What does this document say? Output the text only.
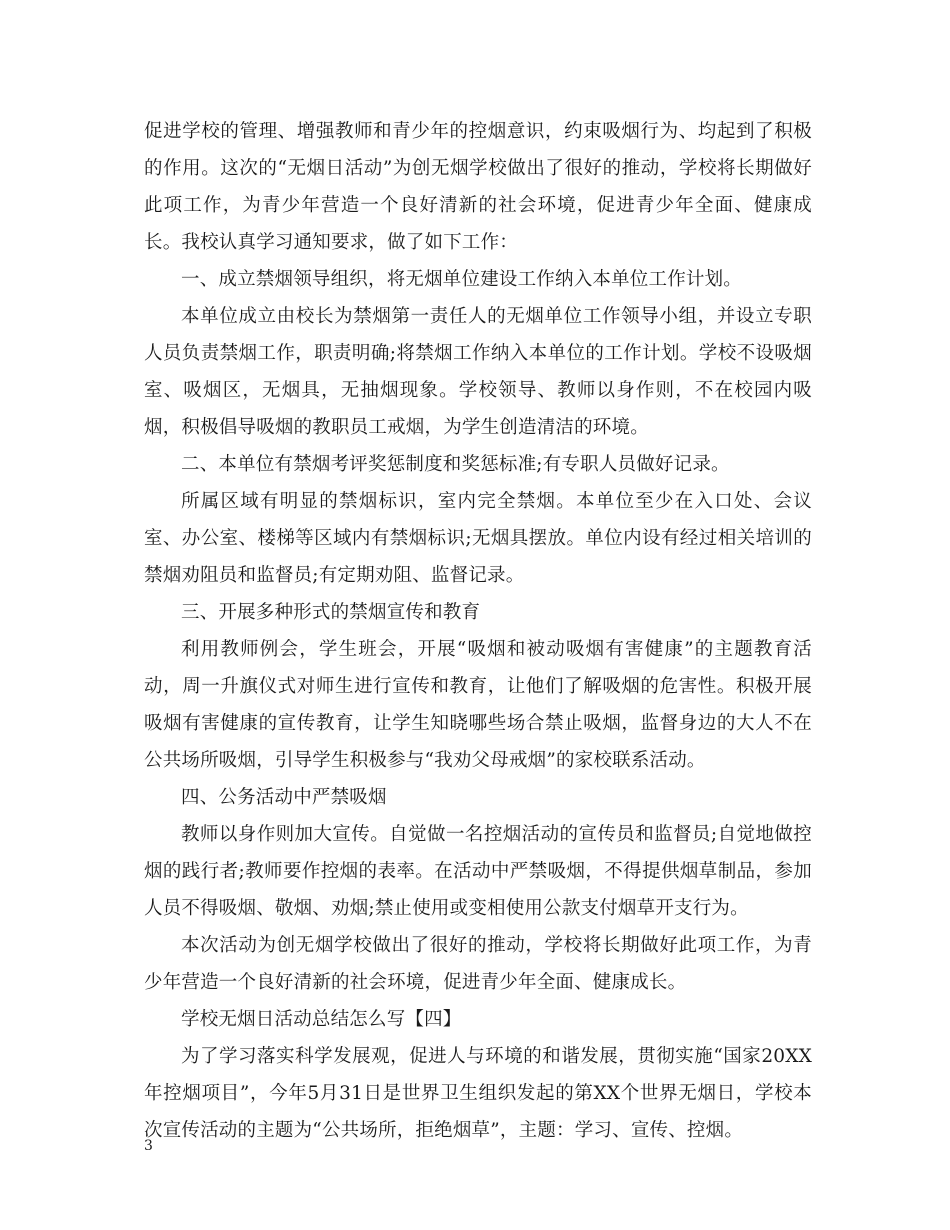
促进学校的管理、增强教师和青少年的控烟意识，约束吸烟行为、均起到了积极的作用。这次的“无烟日活动”为创无烟学校做出了很好的推动，学校将长期做好此项工作，为青少年营造一个良好清新的社会环境，促进青少年全面、健康成长。我校认真学习通知要求，做了如下工作：

一、成立禁烟领导组织，将无烟单位建设工作纳入本单位工作计划。

本单位成立由校长为禁烟第一责任人的无烟单位工作领导小组，并设立专职人员负责禁烟工作，职责明确;将禁烟工作纳入本单位的工作计划。学校不设吸烟室、吸烟区，无烟具，无抽烟现象。学校领导、教师以身作则，不在校园内吸烟，积极倡导吸烟的教职员工戒烟，为学生创造清洁的环境。

二、本单位有禁烟考评奖惩制度和奖惩标准;有专职人员做好记录。

所属区域有明显的禁烟标识，室内完全禁烟。本单位至少在入口处、会议室、办公室、楼梯等区域内有禁烟标识;无烟具摆放。单位内设有经过相关培训的禁烟劝阻员和监督员;有定期劝阻、监督记录。

三、开展多种形式的禁烟宣传和教育

利用教师例会，学生班会，开展“吸烟和被动吸烟有害健康”的主题教育活动，周一升旗仪式对师生进行宣传和教育，让他们了解吸烟的危害性。积极开展吸烟有害健康的宣传教育，让学生知晓哪些场合禁止吸烟，监督身边的大人不在公共场所吸烟，引导学生积极参与“我劝父母戒烟”的家校联系活动。

四、公务活动中严禁吸烟

教师以身作则加大宣传。自觉做一名控烟活动的宣传员和监督员;自觉地做控烟的践行者;教师要作控烟的表率。在活动中严禁吸烟，不得提供烟草制品，参加人员不得吸烟、敬烟、劝烟;禁止使用或变相使用公款支付烟草开支行为。

本次活动为创无烟学校做出了很好的推动，学校将长期做好此项工作，为青少年营造一个良好清新的社会环境，促进青少年全面、健康成长。

学校无烟日活动总结怎么写【四】

为了学习落实科学发展观，促进人与环境的和谐发展，贯彻实施“国家20XX年控烟项目”，今年5月31日是世界卫生组织发起的第XX个世界无烟日，学校本次宣传活动的主题为“公共场所，拒绝烟草”，主题：学习、宣传、控烟。

3
